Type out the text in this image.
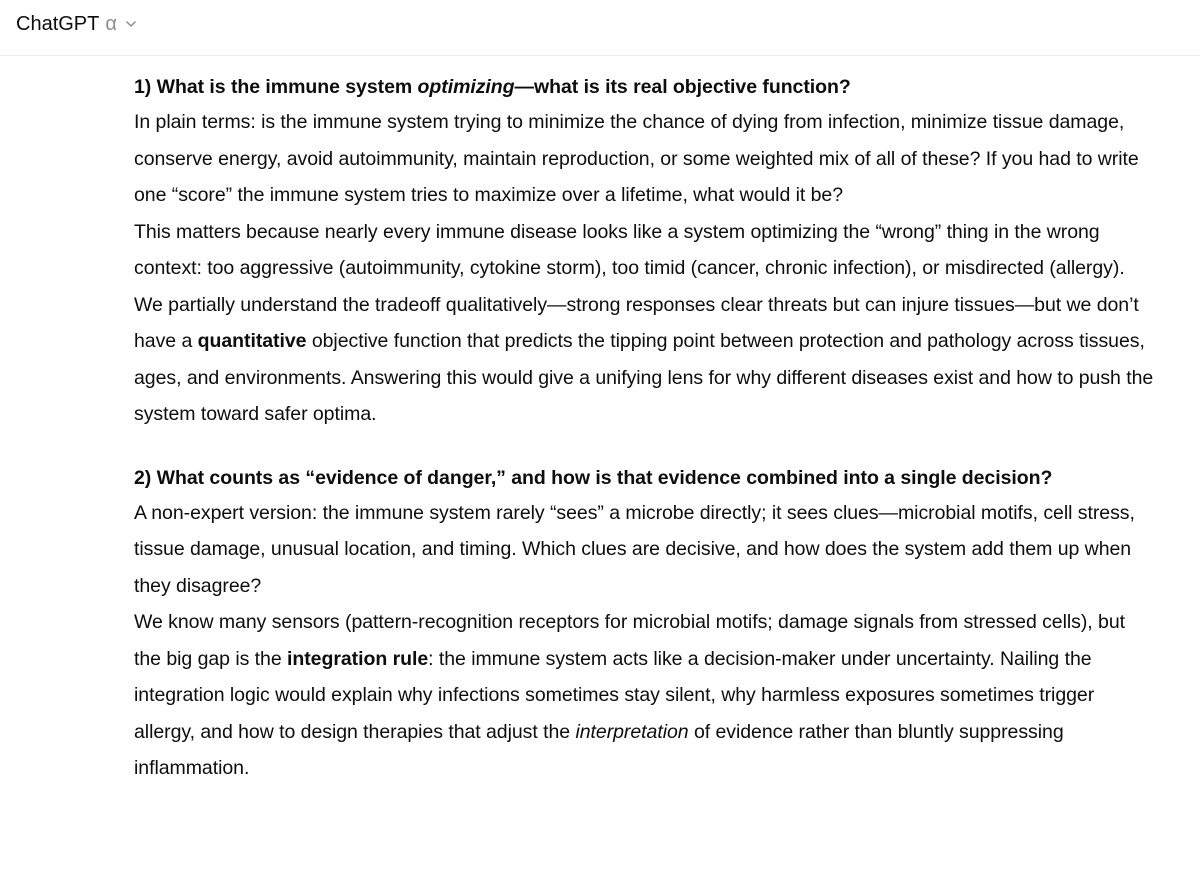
ChatGPT α

1) What is the immune system optimizing—what is its real objective function?

In plain terms: is the immune system trying to minimize the chance of dying from infection, minimize tissue damage, conserve energy, avoid autoimmunity, maintain reproduction, or some weighted mix of all of these? If you had to write one “score” the immune system tries to maximize over a lifetime, what would it be?

This matters because nearly every immune disease looks like a system optimizing the “wrong” thing in the wrong context: too aggressive (autoimmunity, cytokine storm), too timid (cancer, chronic infection), or misdirected (allergy). We partially understand the tradeoff qualitatively—strong responses clear threats but can injure tissues—but we don’t have a quantitative objective function that predicts the tipping point between protection and pathology across tissues, ages, and environments. Answering this would give a unifying lens for why different diseases exist and how to push the system toward safer optima.

2) What counts as “evidence of danger,” and how is that evidence combined into a single decision?

A non-expert version: the immune system rarely “sees” a microbe directly; it sees clues—microbial motifs, cell stress, tissue damage, unusual location, and timing. Which clues are decisive, and how does the system add them up when they disagree?

We know many sensors (pattern-recognition receptors for microbial motifs; damage signals from stressed cells), but the big gap is the integration rule: the immune system acts like a decision-maker under uncertainty. Nailing the integration logic would explain why infections sometimes stay silent, why harmless exposures sometimes trigger allergy, and how to design therapies that adjust the interpretation of evidence rather than bluntly suppressing inflammation.
